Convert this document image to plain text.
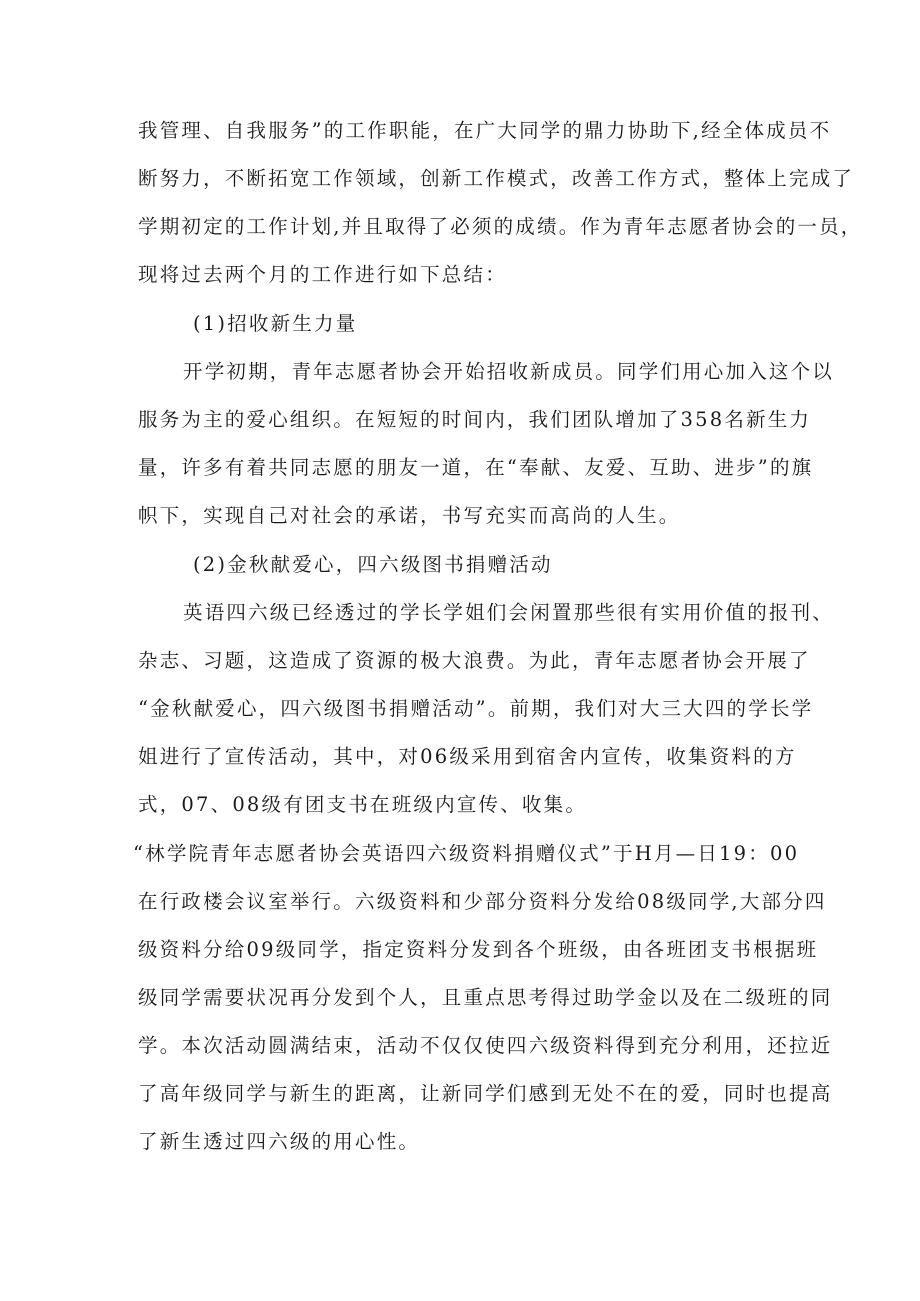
我管理、自我服务”的工作职能，在广大同学的鼎力协助下,经全体成员不

断努力，不断拓宽工作领域，创新工作模式，改善工作方式，整体上完成了

学期初定的工作计划,并且取得了必须的成绩。作为青年志愿者协会的一员，

现将过去两个月的工作进行如下总结：

(1)招收新生力量

开学初期，青年志愿者协会开始招收新成员。同学们用心加入这个以

服务为主的爱心组织。在短短的时间内，我们团队增加了358名新生力

量，许多有着共同志愿的朋友一道，在“奉献、友爱、互助、进步”的旗

帜下，实现自己对社会的承诺，书写充实而高尚的人生。

(2)金秋献爱心，四六级图书捐赠活动

英语四六级已经透过的学长学姐们会闲置那些很有实用价值的报刊、

杂志、习题，这造成了资源的极大浪费。为此，青年志愿者协会开展了

“金秋献爱心，四六级图书捐赠活动”。前期，我们对大三大四的学长学

姐进行了宣传活动，其中，对06级采用到宿舍内宣传，收集资料的方

式，07、08级有团支书在班级内宣传、收集。

“林学院青年志愿者协会英语四六级资料捐赠仪式”于H月—日19：00

在行政楼会议室举行。六级资料和少部分资料分发给08级同学,大部分四

级资料分给09级同学，指定资料分发到各个班级，由各班团支书根据班

级同学需要状况再分发到个人，且重点思考得过助学金以及在二级班的同

学。本次活动圆满结束，活动不仅仅使四六级资料得到充分利用，还拉近

了高年级同学与新生的距离，让新同学们感到无处不在的爱，同时也提高

了新生透过四六级的用心性。
